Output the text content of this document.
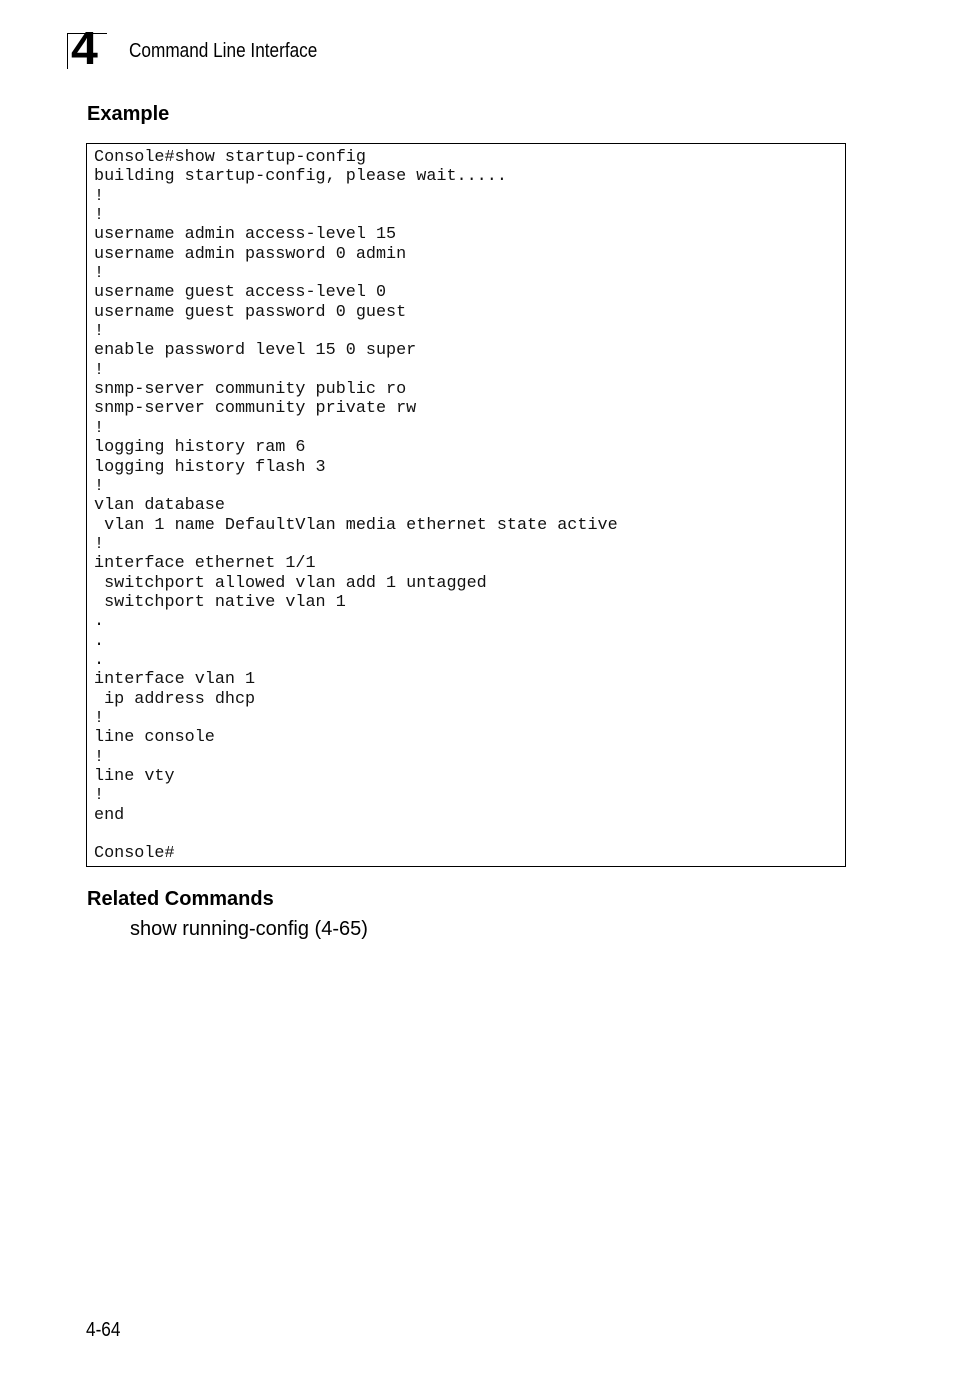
4 Command Line Interface
Example
Console#show startup-config
building startup-config, please wait.....
!
!
username admin access-level 15
username admin password 0 admin
!
username guest access-level 0
username guest password 0 guest
!
enable password level 15 0 super
!
snmp-server community public ro
snmp-server community private rw
!
logging history ram 6
logging history flash 3
!
vlan database
vlan 1 name DefaultVlan media ethernet state active
!
interface ethernet 1/1
switchport allowed vlan add 1 untagged
switchport native vlan 1
.
.
.
interface vlan 1
ip address dhcp
!
line console
!
line vty
!
end

Console#
Related Commands
show running-config (4-65)
4-64
